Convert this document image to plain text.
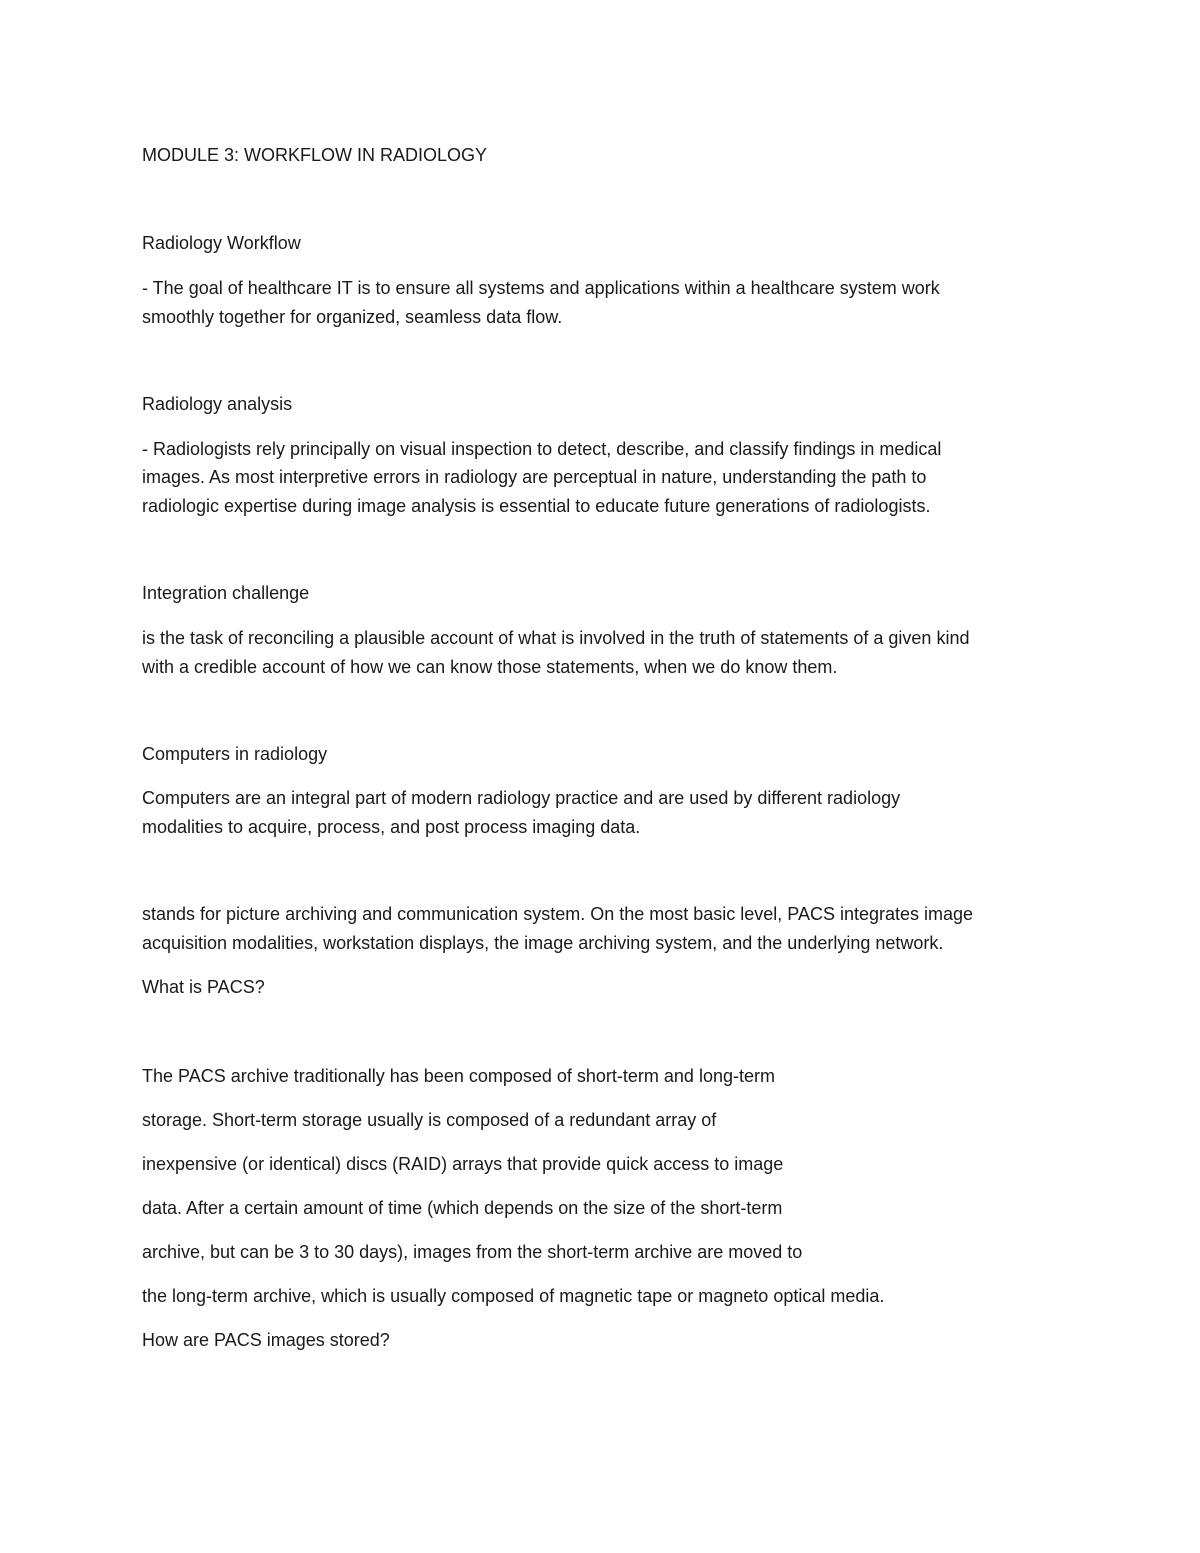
MODULE 3: WORKFLOW IN RADIOLOGY
Radiology Workflow
- The goal of healthcare IT is to ensure all systems and applications within a healthcare system work
smoothly together for organized, seamless data flow.
Radiology analysis
- Radiologists rely principally on visual inspection to detect, describe, and classify findings in medical
images. As most interpretive errors in radiology are perceptual in nature, understanding the path to
radiologic expertise during image analysis is essential to educate future generations of radiologists.
Integration challenge
is the task of reconciling a plausible account of what is involved in the truth of statements of a given kind
with a credible account of how we can know those statements, when we do know them.
Computers in radiology
Computers are an integral part of modern radiology practice and are used by different radiology
modalities to acquire, process, and post process imaging data.
stands for picture archiving and communication system. On the most basic level, PACS integrates image
acquisition modalities, workstation displays, the image archiving system, and the underlying network.
What is PACS?
The PACS archive traditionally has been composed of short-term and long-term
storage. Short-term storage usually is composed of a redundant array of
inexpensive (or identical) discs (RAID) arrays that provide quick access to image
data. After a certain amount of time (which depends on the size of the short-term
archive, but can be 3 to 30 days), images from the short-term archive are moved to
the long-term archive, which is usually composed of magnetic tape or magneto optical media.
How are PACS images stored?
